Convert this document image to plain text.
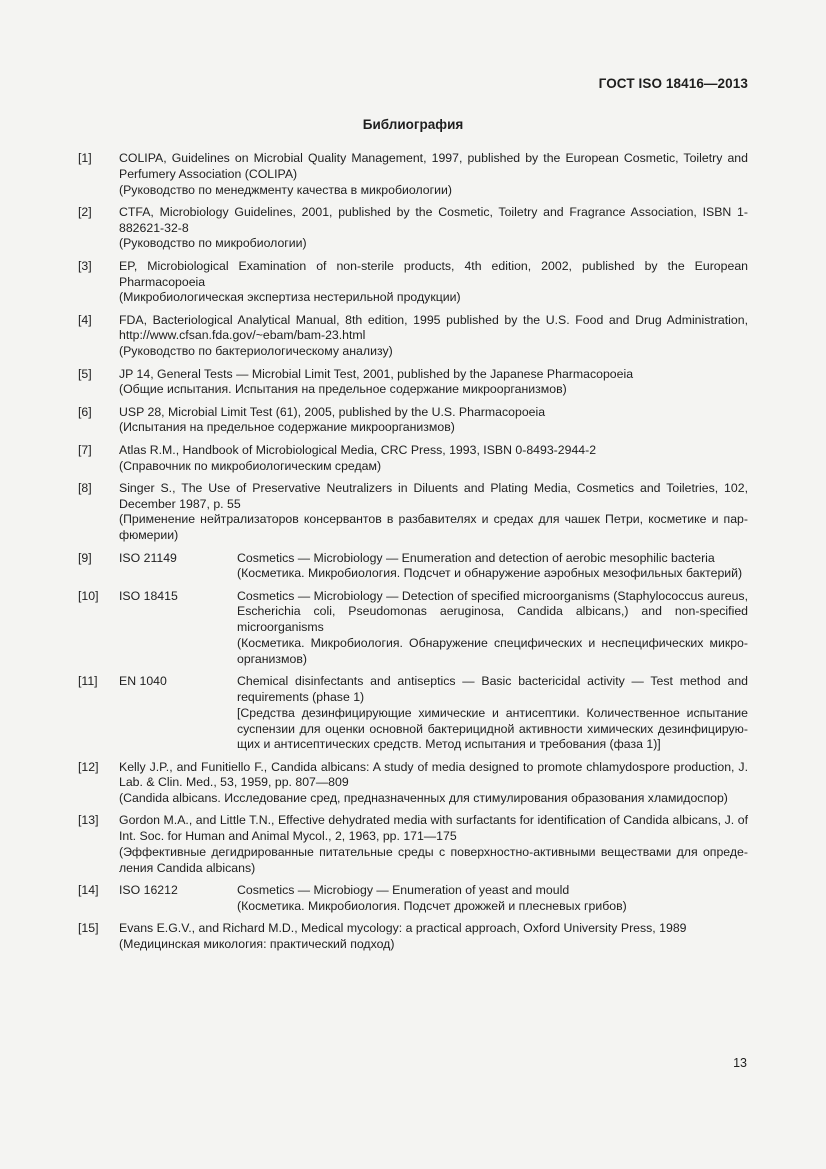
ГОСТ ISO 18416—2013
Библиография
[1]	COLIPA, Guidelines on Microbial Quality Management, 1997, published by the European Cosmetic, Toiletry and Perfumery Association (COLIPA)
(Руководство по менеджменту качества в микробиологии)
[2]	CTFA, Microbiology Guidelines, 2001, published by the Cosmetic, Toiletry and Fragrance Association, ISBN 1-882621-32-8
(Руководство по микробиологии)
[3]	EP, Microbiological Examination of non-sterile products, 4th edition, 2002, published by the European Pharmacopoeia
(Микробиологическая экспертиза нестерильной продукции)
[4]	FDA, Bacteriological Analytical Manual, 8th edition, 1995 published by the U.S. Food and Drug Administration, http://www.cfsan.fda.gov/~ebam/bam-23.html
(Руководство по бактериологическому анализу)
[5]	JP 14, General Tests — Microbial Limit Test, 2001, published by the Japanese Pharmacopoeia
(Общие испытания. Испытания на предельное содержание микроорганизмов)
[6]	USP 28, Microbial Limit Test (61), 2005, published by the U.S. Pharmacopoeia
(Испытания на предельное содержание микроорганизмов)
[7]	Atlas R.M., Handbook of Microbiological Media, CRC Press, 1993, ISBN 0-8493-2944-2
(Справочник по микробиологическим средам)
[8]	Singer S., The Use of Preservative Neutralizers in Diluents and Plating Media, Cosmetics and Toiletries, 102, December 1987, p. 55
(Применение нейтрализаторов консервантов в разбавителях и средах для чашек Петри, косметике и пар-фюмерии)
[9]	ISO 21149	Cosmetics — Microbiology — Enumeration and detection of aerobic mesophilic bacteria
(Косметика. Микробиология. Подсчет и обнаружение аэробных мезофильных бактерий)
[10]	ISO 18415	Cosmetics — Microbiology — Detection of specified microorganisms (Staphylococcus aureus, Escherichia coli, Pseudomonas aeruginosa, Candida albicans,) and non-specified microorganisms
(Косметика. Микробиология. Обнаружение специфических и неспецифических микро-организмов)
[11]	EN 1040	Chemical disinfectants and antiseptics — Basic bactericidal activity — Test method and requirements (phase 1)
[Средства дезинфицирующие химические и антисептики. Количественное испытание суспензии для оценки основной бактерицидной активности химических дезинфицирую-щих и антисептических средств. Метод испытания и требования (фаза 1)]
[12]	Kelly J.P., and Funitiello F., Candida albicans: A study of media designed to promote chlamydospore production, J. Lab. & Clin. Med., 53, 1959, pp. 807—809
(Candida albicans. Исследование сред, предназначенных для стимулирования образования хламидоспор)
[13]	Gordon M.A., and Little T.N., Effective dehydrated media with surfactants for identification of Candida albicans, J. of Int. Soc. for Human and Animal Mycol., 2, 1963, pp. 171—175
(Эффективные дегидрированные питательные среды с поверхностно-активными веществами для опреде-ления Candida albicans)
[14]	ISO 16212	Cosmetics — Microbiogy — Enumeration of yeast and mould
(Косметика. Микробиология. Подсчет дрожжей и плесневых грибов)
[15]	Evans E.G.V., and Richard M.D., Medical mycology: a practical approach, Oxford University Press, 1989
(Медицинская микология: практический подход)
13
